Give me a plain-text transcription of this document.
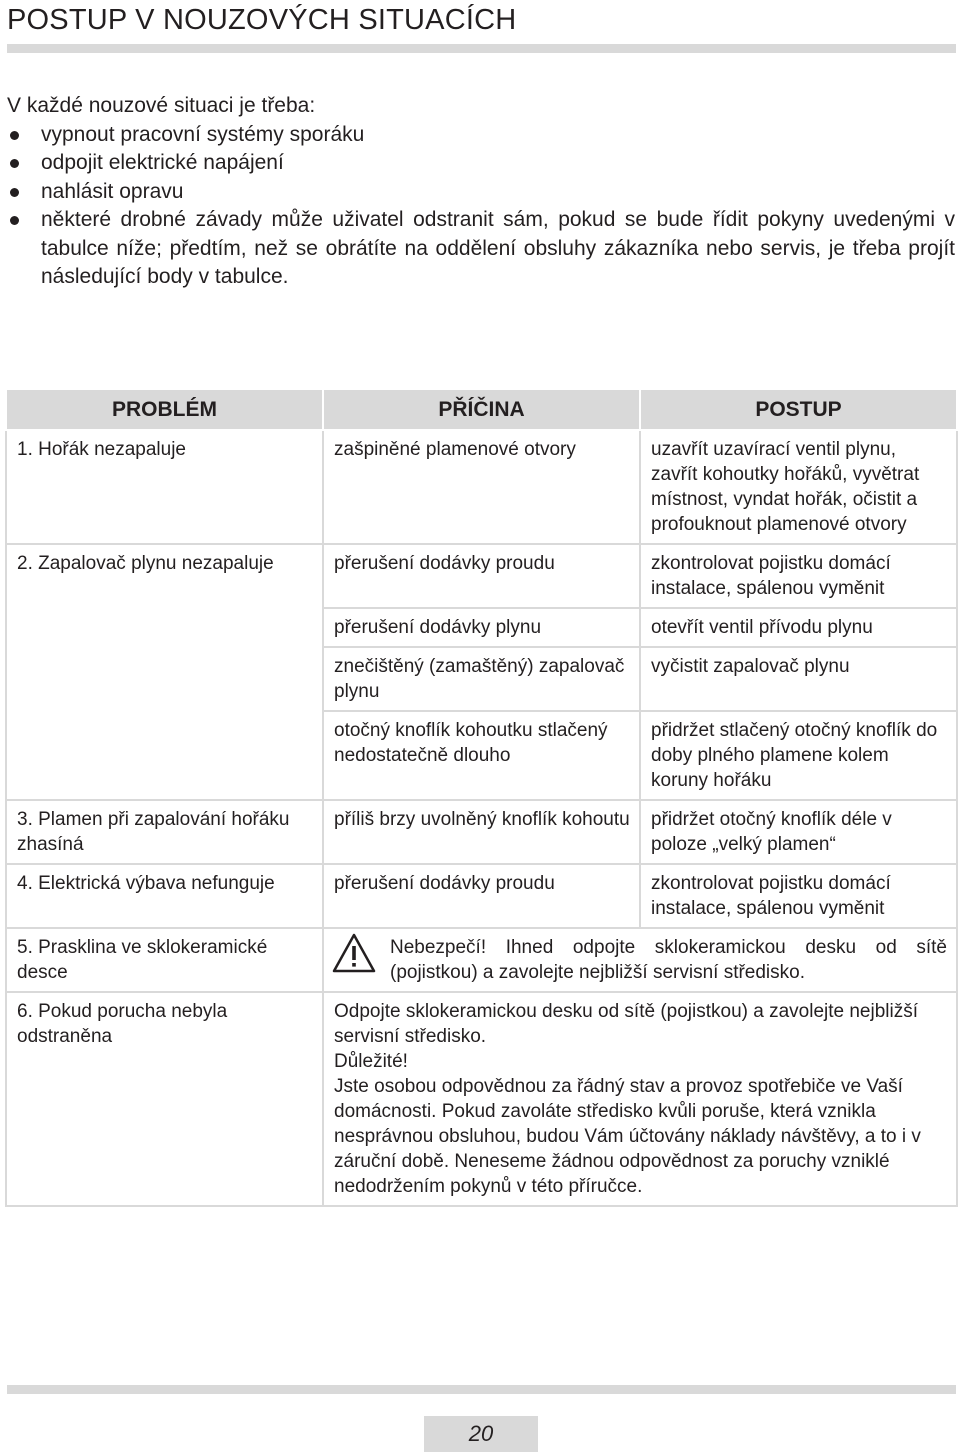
POSTUP V NOUZOVÝCH SITUACÍCH

V každé nouzové situaci je třeba:

vypnout pracovní systémy sporáku
odpojit elektrické napájení
nahlásit opravu
některé drobné závady může uživatel odstranit sám, pokud se bude řídit pokyny uvedenými v tabulce níže; předtím, než se obrátíte na oddělení obsluhy zákazníka nebo servis, je třeba projít následující body v tabulce.
PROBLÉM	PŘÍČINA	POSTUP
1. Hořák nezapaluje	zašpiněné plamenové otvory	uzavřít uzavírací ventil plynu, zavřít kohoutky hořáků, vyvětrat místnost, vyndat hořák, očistit a profouknout plamenové otvory
2. Zapalovač plynu nezapaluje	přerušení dodávky proudu	zkontrolovat pojistku domácí instalace, spálenou vyměnit
	přerušení dodávky plynu	otevřít ventil přívodu plynu
	znečištěný (zamaštěný) zapalovač plynu	vyčistit zapalovač plynu
	otočný knoflík kohoutku stlačený nedostatečně dlouho	přidržet stlačený otočný knoflík do doby plného plamene kolem koruny hořáku
3. Plamen při zapalování hořáku zhasíná	příliš brzy uvolněný knoflík kohoutu	přidržet otočný knoflík déle v poloze „velký plamen“
4. Elektrická výbava nefunguje	přerušení dodávky proudu	zkontrolovat pojistku domácí instalace, spálenou vyměnit
5. Prasklina ve sklokeramické desce	Nebezpečí! Ihned odpojte sklokeramickou desku od sítě (pojistkou) a zavolejte nejbližší servisní středisko.	

6. Pokud porucha nebyla odstraněna	Odpojte sklokeramickou desku od sítě (pojistkou) a zavolejte nejbližší servisní středisko.
Důležité!
Jste osobou odpovědnou za řádný stav a provoz spotřebiče ve Vaší domácnosti. Pokud zavoláte středisko kvůli poruše, která vznikla nesprávnou obsluhou, budou Vám účtovány náklady návštěvy, a to i v záruční době. Neneseme žádnou odpovědnost za poruchy vzniklé nedodržením pokynů v této příručce.	
20
